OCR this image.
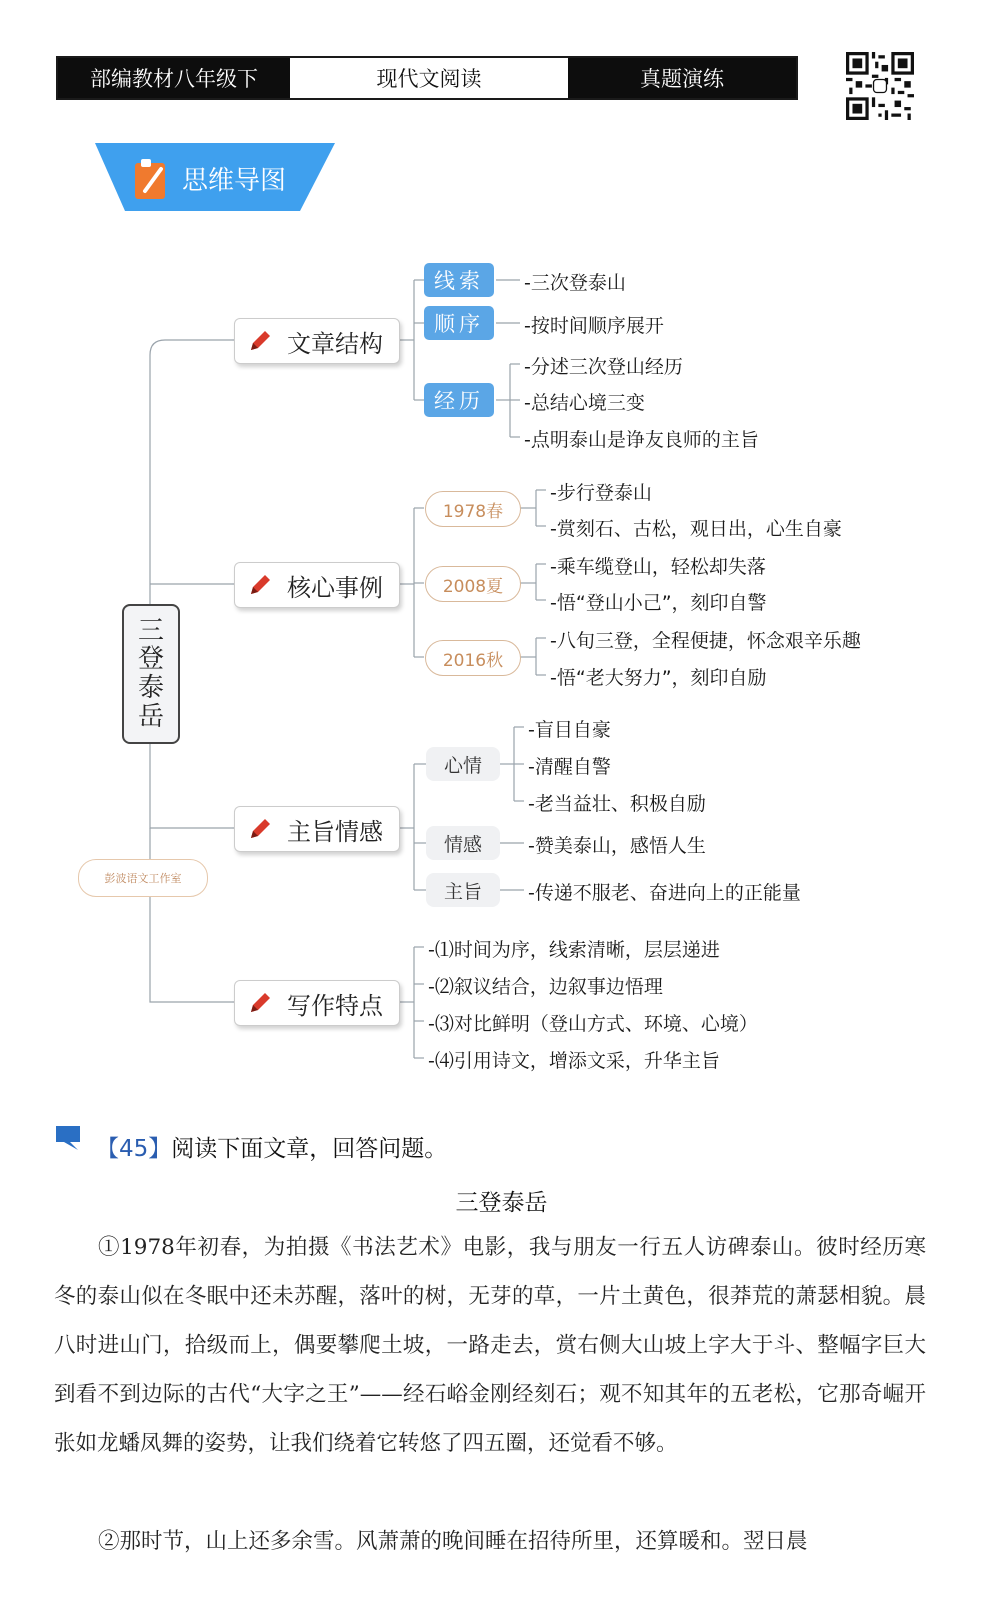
部编教材八年级下	现代文阅读	真题演练
思维导图
三
登
泰
岳
彭波语文工作室
文章结构
核心事例
主旨情感
写作特点
线索
顺序
经历
-三次登泰山
-按时间顺序展开
-分述三次登山经历
-总结心境三变
-点明泰山是诤友良师的主旨
1978春
2008夏
2016秋
-步行登泰山
-赏刻石、古松，观日出，心生自豪
-乘车缆登山，轻松却失落
-悟“登山小己”，刻印自警
-八旬三登，全程便捷，怀念艰辛乐趣
-悟“老大努力”，刻印自励
心情
情感
主旨
-盲目自豪
-清醒自警
-老当益壮、积极自励
-赞美泰山，感悟人生
-传递不服老、奋进向上的正能量
-⑴时间为序，线索清晰，层层递进
-⑵叙议结合，边叙事边悟理
-⑶对比鲜明（登山方式、环境、心境）
-⑷引用诗文，增添文采，升华主旨
【45】阅读下面文章，回答问题。
三登泰岳
①1978年初春，为拍摄《书法艺术》电影，我与朋友一行五人访碑泰山。彼时经历寒冬的泰山似在冬眠中还未苏醒，落叶的树，无芽的草，一片土黄色，很莽荒的萧瑟相貌。晨八时进山门，拾级而上，偶要攀爬土坡，一路走去，赏右侧大山坡上字大于斗、整幅字巨大到看不到边际的古代“大字之王”——经石峪金刚经刻石；观不知其年的五老松，它那奇崛开张如龙蟠凤舞的姿势，让我们绕着它转悠了四五圈，还觉看不够。
②那时节，山上还多余雪。风萧萧的晚间睡在招待所里，还算暖和。翌日晨
